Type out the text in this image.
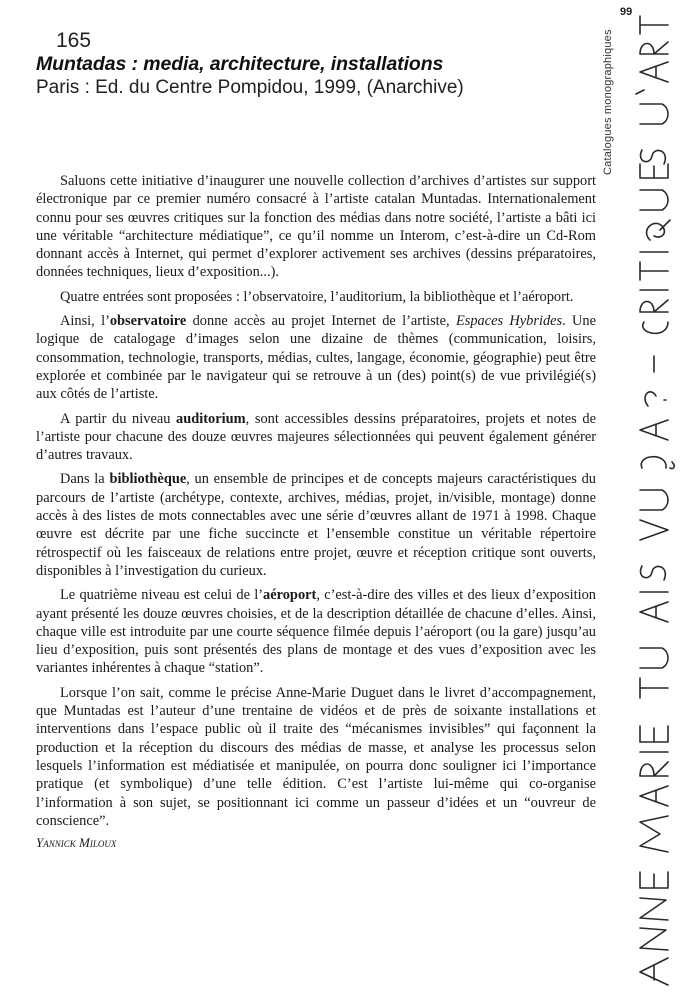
99
Catalogues monographiques
165
Muntadas : media, architecture, installations
Paris : Ed. du Centre Pompidou, 1999, (Anarchive)

Saluons cette initiative d’inaugurer une nouvelle collection d’archives d’artistes sur support électronique par ce premier numéro consacré à l’artiste catalan Muntadas. Internationalement connu pour ses œuvres critiques sur la fonction des médias dans notre société, l’artiste a bâti ici une véritable “architecture médiatique”, ce qu’il nomme un Interom, c’est-à-dire un Cd-Rom donnant accès à Internet, qui permet d’explorer activement ses archives (dessins préparatoires, données techniques, lieux d’exposition...).

Quatre entrées sont proposées : l’observatoire, l’auditorium, la bibliothèque et l’aéroport.

Ainsi, l’observatoire donne accès au projet Internet de l’artiste, Espaces Hybrides. Une logique de catalogage d’images selon une dizaine de thèmes (communication, loisirs, consommation, technologie, transports, médias, cultes, langage, économie, géographie) peut être explorée et combinée par le navigateur qui se retrouve à un (des) point(s) de vue privilégié(s) aux côtés de l’artiste.

A partir du niveau auditorium, sont accessibles dessins préparatoires, projets et notes de l’artiste pour chacune des douze œuvres majeures sélectionnées qui peuvent également générer d’autres travaux.

Dans la bibliothèque, un ensemble de principes et de concepts majeurs caractéristiques du parcours de l’artiste (archétype, contexte, archives, médias, projet, in/visible, montage) donne accès à des listes de mots connectables avec une série d’œuvres allant de 1971 à 1998. Chaque œuvre est décrite par une fiche succincte et l’ensemble constitue un véritable répertoire rétrospectif où les faisceaux de relations entre projet, œuvre et réception critique sont ouverts, disponibles à l’investigation du curieux.

Le quatrième niveau est celui de l’aéroport, c’est-à-dire des villes et des lieux d’exposition ayant présenté les douze œuvres choisies, et de la description détaillée de chacune d’elles. Ainsi, chaque ville est introduite par une courte séquence filmée depuis l’aéroport (ou la gare) jusqu’au lieu d’exposition, puis sont présentés des plans de montage et des vues d’exposition avec les variantes inhérentes à chaque “station”.

Lorsque l’on sait, comme le précise Anne-Marie Duguet dans le livret d’accompagnement, que Muntadas est l’auteur d’une trentaine de vidéos et de près de soixante installations et interventions dans l’espace public où il traite des “mécanismes invisibles” qui façonnent la production et la réception du discours des médias de masse, et analyse les processus selon lesquels l’information est médiatisée et manipulée, on pourra donc souligner ici l’importance pratique (et symbolique) d’une telle édition. C’est l’artiste lui-même qui co-organise l’information à son sujet, se positionnant ici comme un passeur d’idées et un “ouvreur de conscience”.

Yannick Miloux
